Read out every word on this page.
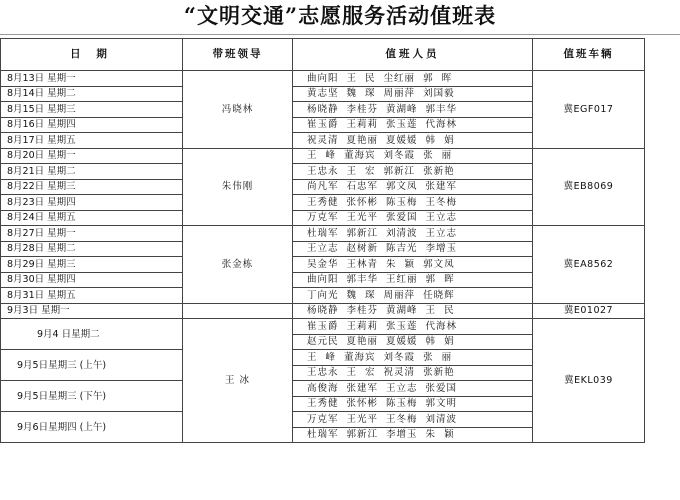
“文明交通”志愿服务活动值班表
日 期	带班领导	值班人员	值班车辆
8月13日 星期一	冯晓林	曲向阳 王 民 尘红丽 郭 晖	冀EGF017
8月14日 星期二		黄志坚 魏 琛 周丽萍 刘国毅	
8月15日 星期三		杨晓静 李桂芬 黄湖峰 郭丰华	
8月16日 星期四		崔玉爵 王莉莉 张玉莲 代海林	
8月17日 星期五		祝灵清 夏艳丽 夏媛媛 韩 娟	
8月20日 星期一	朱伟刚	王 峰 董海宾 刘冬霞 张 丽	冀EB8069
8月21日 星期二		王忠永 王 宏 郭新江 张新艳	
8月22日 星期三		尚凡军 石忠军 郭文凤 张建军	
8月23日 星期四		王秀健 张怀彬 陈玉梅 王冬梅	
8月24日 星期五		万克军 王光平 张爱国 王立志	
8月27日 星期一	张金栋	杜瑞军 郭新江 刘清波 王立志	冀EA8562
8月28日 星期二		王立志 赵树新 陈吉光 李增玉	
8月29日 星期三		吴金华 王林青 朱 颖 郭文凤	
8月30日 星期四		曲向阳 郭丰华 王红丽 郭 晖	
8月31日 星期五		丁向光 魏 琛 周丽萍 任晓辉	
9月3日 星期一		杨晓静 李桂芬 黄湖峰 王 民	冀E01027
9月4 日星期二	王 冰	崔玉爵 王莉莉 张玉莲 代海林	冀EKL039
		赵元民 夏艳丽 夏媛媛 韩 娟	
9月5日星期三 (上午)		王 峰 董海宾 刘冬霞 张 丽	
		王忠永 王 宏 祝灵清 张新艳	
9月5日星期三 (下午)		高俊海 张建军 王立志 张爱国	
		王秀健 张怀彬 陈玉梅 郭文明	
9月6日星期四 (上午)		万克军 王光平 王冬梅 刘清波	
		杜瑞军 郭新江 李增玉 朱 颖	
